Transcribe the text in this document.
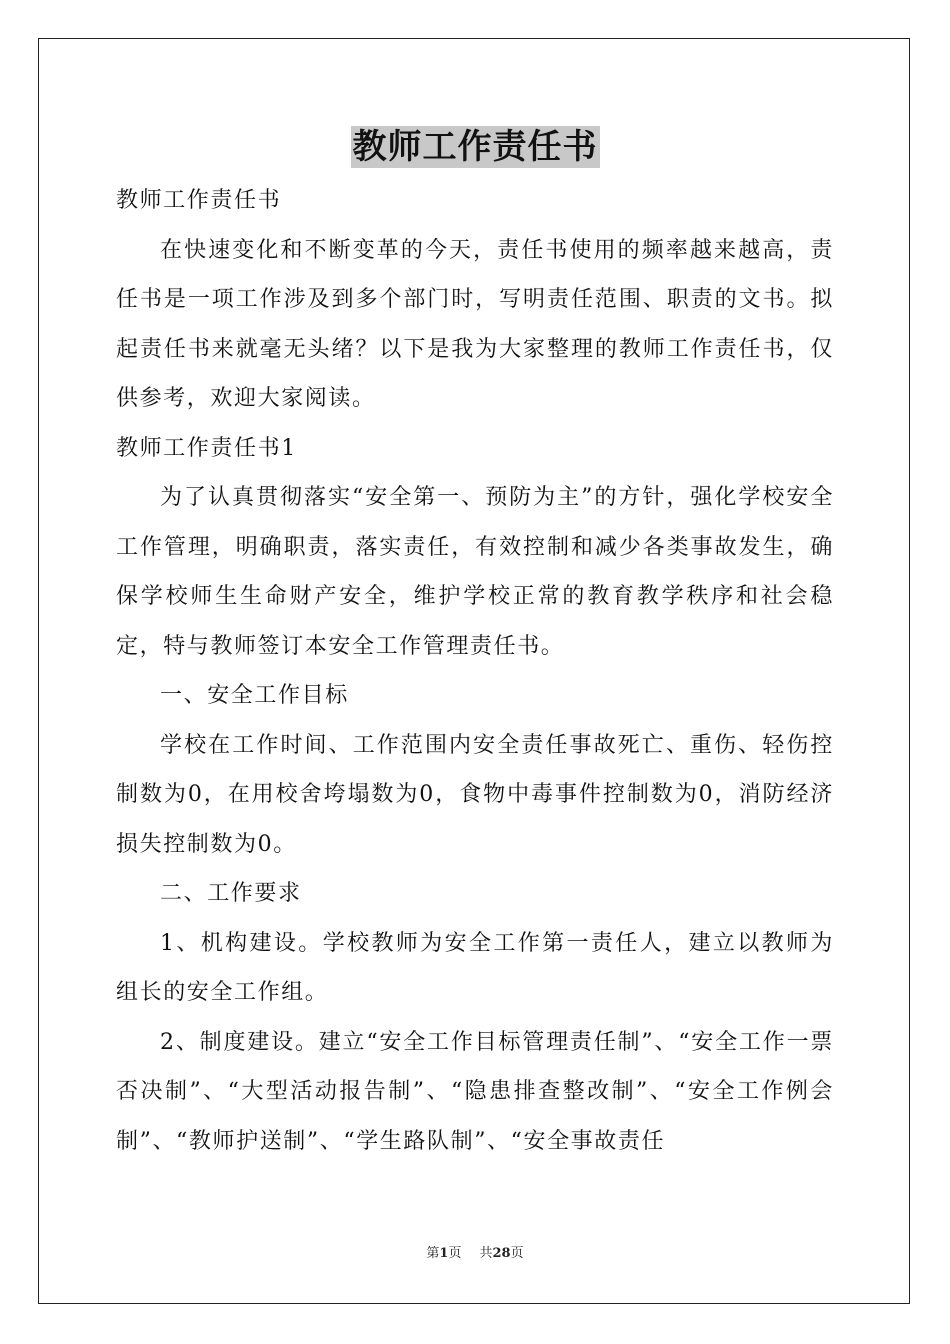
教师工作责任书

教师工作责任书

在快速变化和不断变革的今天，责任书使用的频率越来越高，责任书是一项工作涉及到多个部门时，写明责任范围、职责的文书。拟起责任书来就毫无头绪？以下是我为大家整理的教师工作责任书，仅供参考，欢迎大家阅读。

教师工作责任书1

为了认真贯彻落实“安全第一、预防为主”的方针，强化学校安全工作管理，明确职责，落实责任，有效控制和减少各类事故发生，确保学校师生生命财产安全，维护学校正常的教育教学秩序和社会稳定，特与教师签订本安全工作管理责任书。

一、安全工作目标

学校在工作时间、工作范围内安全责任事故死亡、重伤、轻伤控制数为0，在用校舍垮塌数为0，食物中毒事件控制数为0，消防经济损失控制数为0。

二、工作要求

1、机构建设。学校教师为安全工作第一责任人，建立以教师为组长的安全工作组。

2、制度建设。建立“安全工作目标管理责任制”、“安全工作一票否决制”、“大型活动报告制”、“隐患排查整改制”、“安全工作例会制”、“教师护送制”、“学生路队制”、“安全事故责任

第1页 共28页
